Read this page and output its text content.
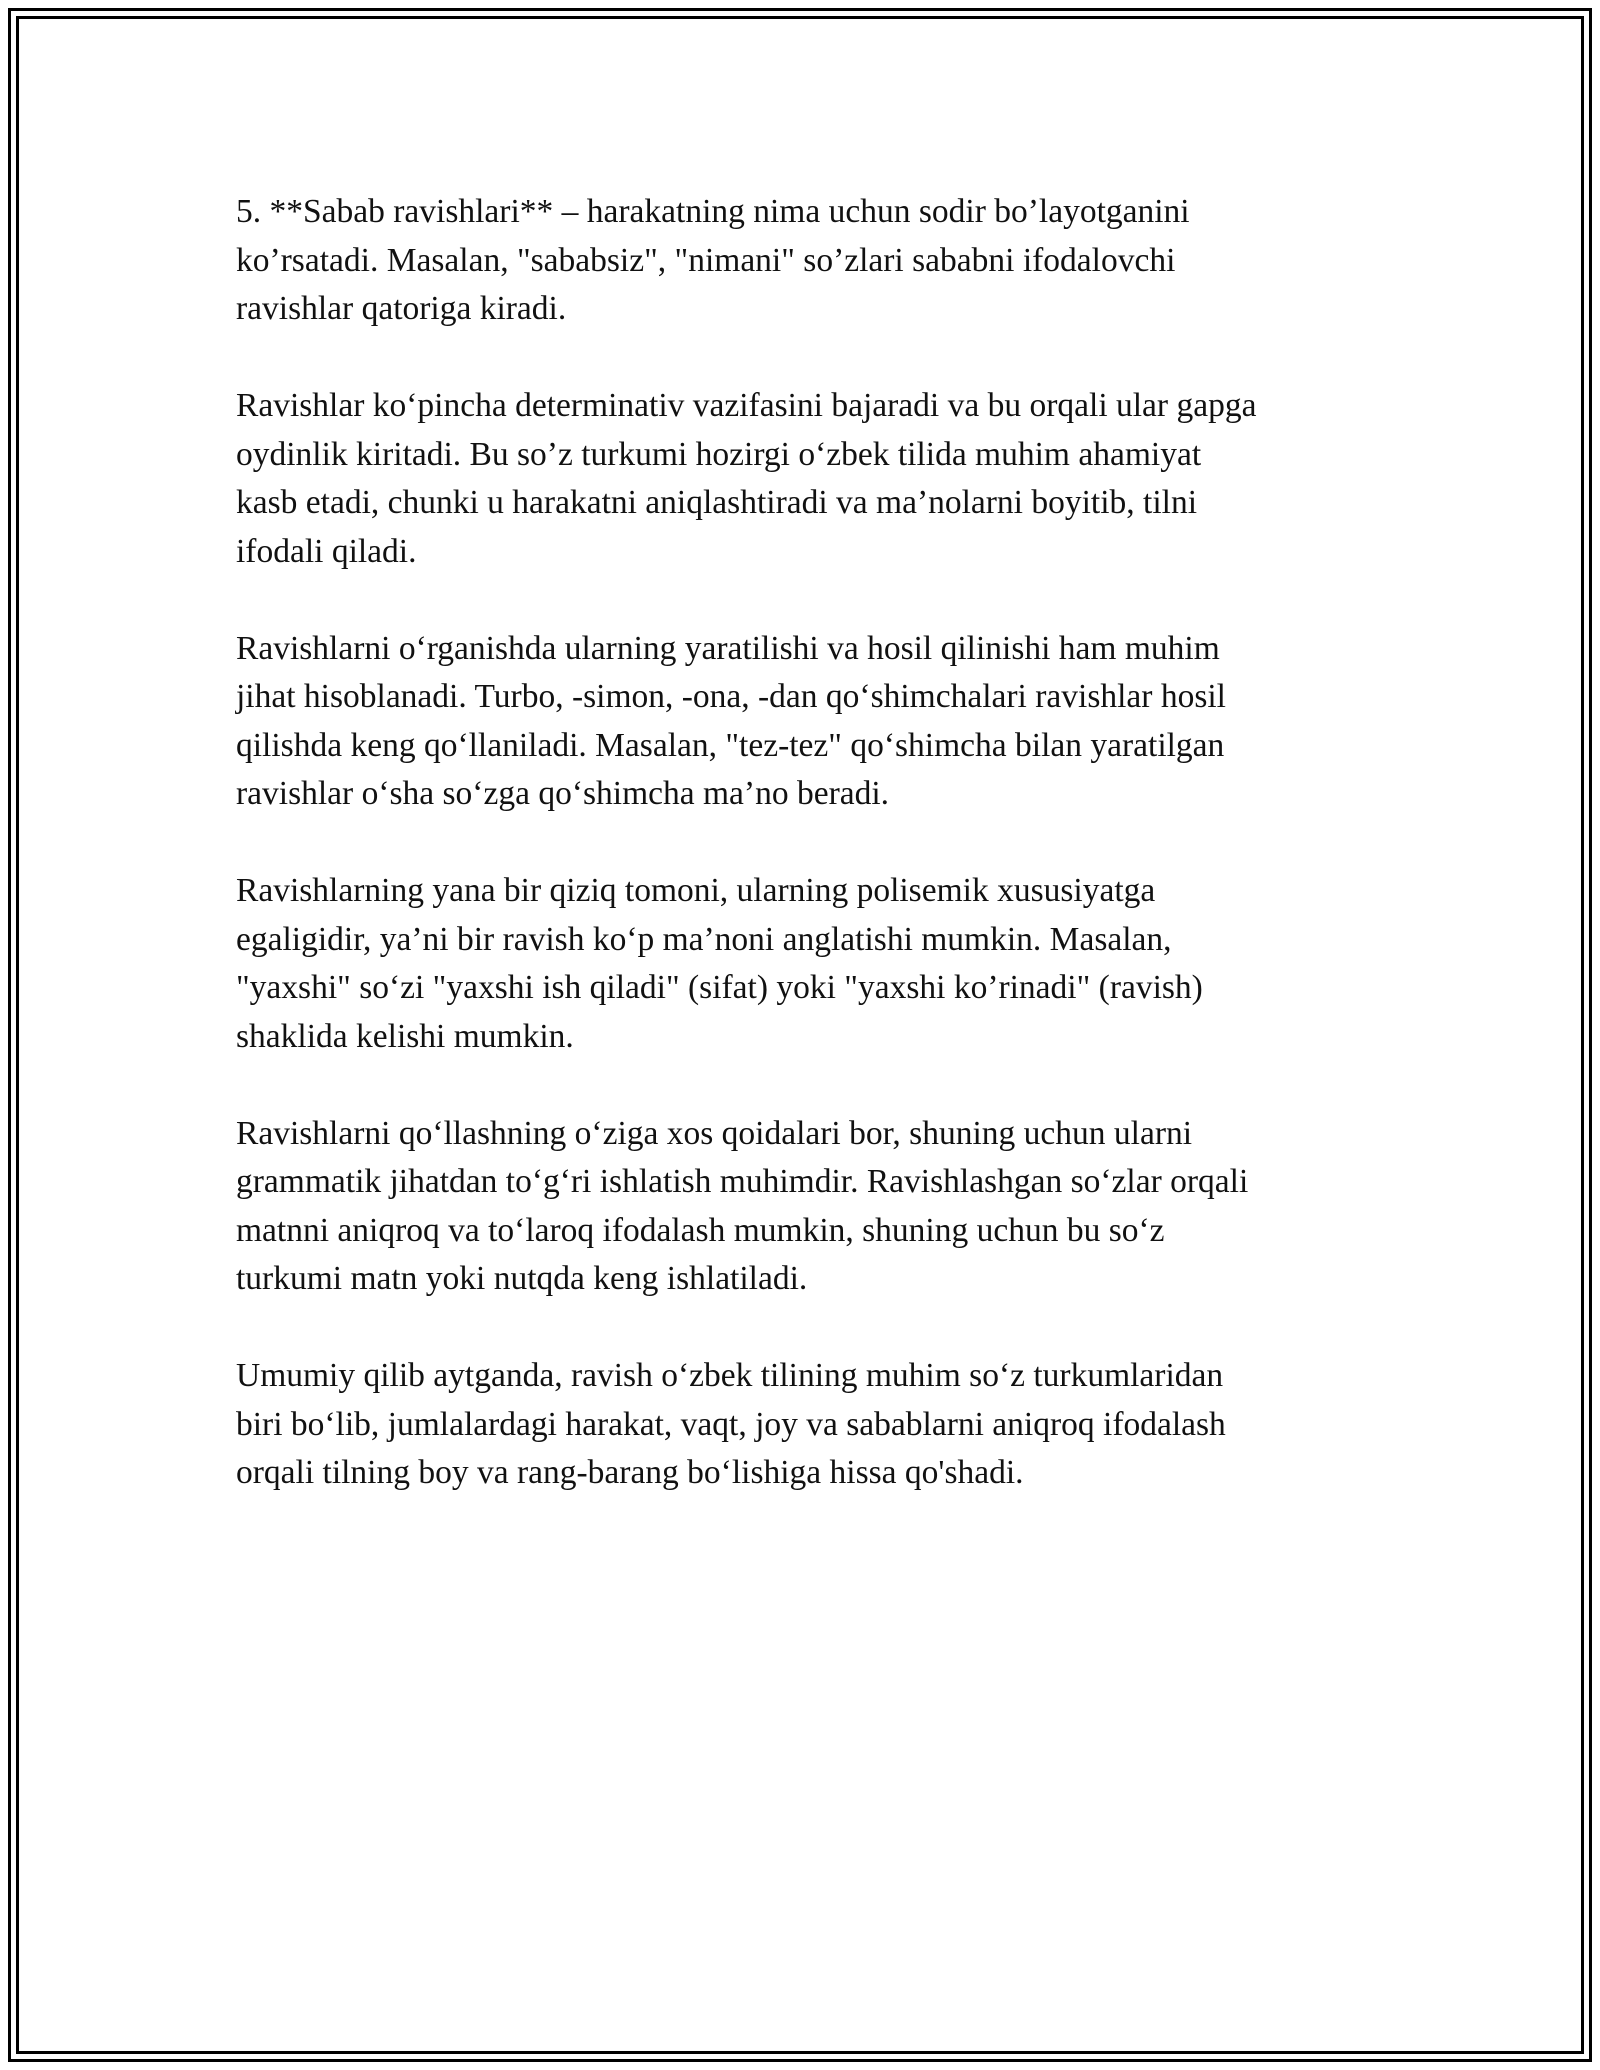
5. **Sabab ravishlari** – harakatning nima uchun sodir bo’layotganini
ko’rsatadi. Masalan, "sababsiz", "nimani" so’zlari sababni ifodalovchi
ravishlar qatoriga kiradi.

Ravishlar ko‘pincha determinativ vazifasini bajaradi va bu orqali ular gapga
oydinlik kiritadi. Bu so’z turkumi hozirgi o‘zbek tilida muhim ahamiyat
kasb etadi, chunki u harakatni aniqlashtiradi va ma’nolarni boyitib, tilni
ifodali qiladi.

Ravishlarni o‘rganishda ularning yaratilishi va hosil qilinishi ham muhim
jihat hisoblanadi. Turbo, -simon, -ona, -dan qo‘shimchalari ravishlar hosil
qilishda keng qo‘llaniladi. Masalan, "tez-tez" qo‘shimcha bilan yaratilgan
ravishlar o‘sha so‘zga qo‘shimcha ma’no beradi.

Ravishlarning yana bir qiziq tomoni, ularning polisemik xususiyatga
egaligidir, ya’ni bir ravish ko‘p ma’noni anglatishi mumkin. Masalan,
"yaxshi" so‘zi "yaxshi ish qiladi" (sifat) yoki "yaxshi ko’rinadi" (ravish)
shaklida kelishi mumkin.

Ravishlarni qo‘llashning o‘ziga xos qoidalari bor, shuning uchun ularni
grammatik jihatdan to‘g‘ri ishlatish muhimdir. Ravishlashgan so‘zlar orqali
matnni aniqroq va to‘laroq ifodalash mumkin, shuning uchun bu so‘z
turkumi matn yoki nutqda keng ishlatiladi.

Umumiy qilib aytganda, ravish o‘zbek tilining muhim so‘z turkumlaridan
biri bo‘lib, jumlalardagi harakat, vaqt, joy va sabablarni aniqroq ifodalash
orqali tilning boy va rang-barang bo‘lishiga hissa qo'shadi.
